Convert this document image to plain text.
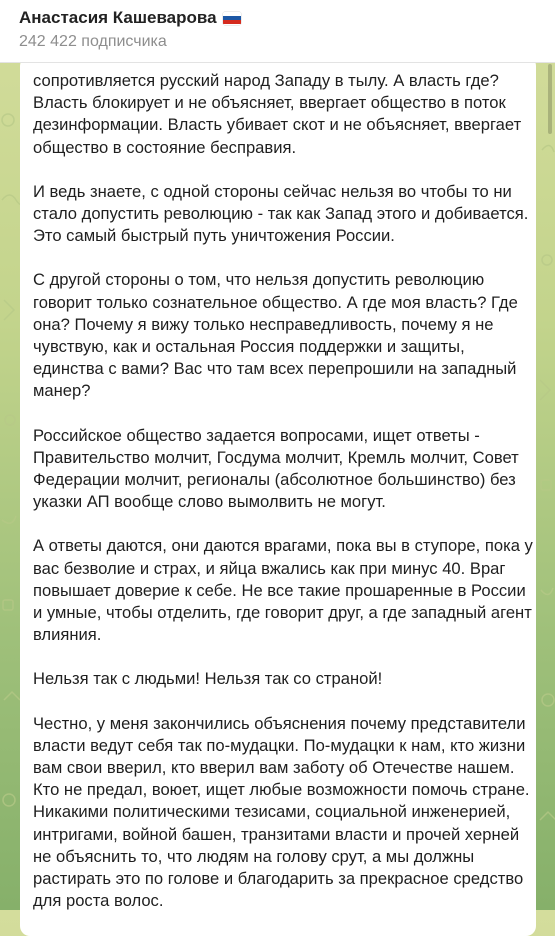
Анастасия Кашеварова
242 422 подписчика

сопротивляется русский народ Западу в тылу. А власть где? Власть блокирует и не объясняет, ввергает общество в поток дезинформации. Власть убивает скот и не объясняет, ввергает общество в состояние бесправия.

И ведь знаете, с одной стороны сейчас нельзя во чтобы то ни стало допустить революцию - так как Запад этого и добивается. Это самый быстрый путь уничтожения России.

С другой стороны о том, что нельзя допустить революцию говорит только сознательное общество. А где моя власть? Где она? Почему я вижу только несправедливость, почему я не чувствую, как и остальная Россия поддержки и защиты, единства с вами? Вас что там всех перепрошили на западный манер?

Российское общество задается вопросами, ищет ответы - Правительство молчит, Госдума молчит, Кремль молчит, Совет Федерации молчит, регионалы (абсолютное большинство) без указки АП вообще слово вымолвить не могут.

А ответы даются, они даются врагами, пока вы в ступоре, пока у вас безволие и страх, и яйца вжались как при минус 40. Враг повышает доверие к себе. Не все такие прошаренные в России и умные, чтобы отделить, где говорит друг, а где западный агент влияния.

Нельзя так с людьми! Нельзя так со страной!

Честно, у меня закончились объяснения почему представители власти ведут себя так по-мудацки. По-мудацки к нам, кто жизни вам свои вверил, кто вверил вам заботу об Отечестве нашем. Кто не предал, воюет, ищет любые возможности помочь стране. Никакими политическими тезисами, социальной инженерией, интригами, войной башен, транзитами власти и прочей херней не объяснить то, что людям на голову срут, а мы должны растирать это по голове и благодарить за прекрасное средство для роста волос.
